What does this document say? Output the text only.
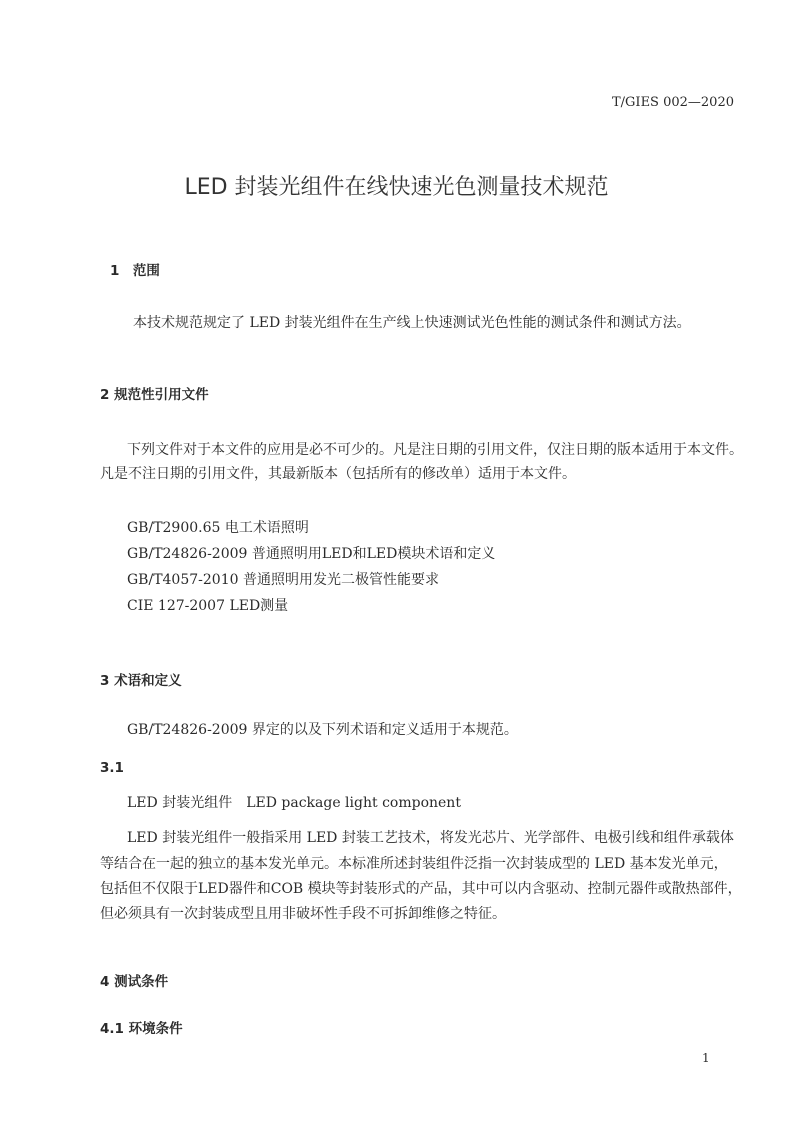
T/GIES 002—2020
LED 封装光组件在线快速光色测量技术规范
1　范围
本技术规范规定了 LED 封装光组件在生产线上快速测试光色性能的测试条件和测试方法。
2 规范性引用文件
下列文件对于本文件的应用是必不可少的。凡是注日期的引用文件，仅注日期的版本适用于本文件。
凡是不注日期的引用文件，其最新版本（包括所有的修改单）适用于本文件。
GB/T2900.65 电工术语照明
GB/T24826-2009 普通照明用LED和LED模块术语和定义
GB/T4057-2010 普通照明用发光二极管性能要求
CIE 127-2007 LED测量
3 术语和定义
GB/T24826-2009 界定的以及下列术语和定义适用于本规范。
3.1
LED 封装光组件　LED package light component
LED 封装光组件一般指采用 LED 封装工艺技术，将发光芯片、光学部件、电极引线和组件承载体
等结合在一起的独立的基本发光单元。本标准所述封装组件泛指一次封装成型的 LED 基本发光单元，
包括但不仅限于LED器件和COB 模块等封装形式的产品，其中可以内含驱动、控制元器件或散热部件，
但必须具有一次封装成型且用非破坏性手段不可拆卸维修之特征。
4 测试条件
4.1 环境条件
1
